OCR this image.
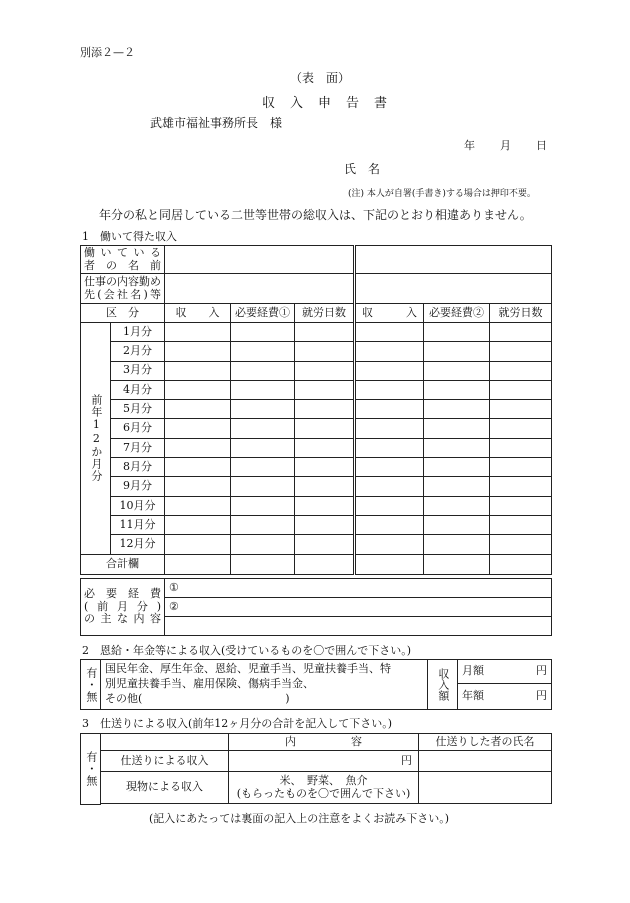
別添２—２
（表　面）
収　入　申　告　書
武雄市福祉事務所長　様
年 月 日
氏　名
(注) 本人が自署(手書き)する場合は押印不要。
年分の私と同居している二世等世帯の総収入は、下記のとおり相違ありません。
1　働いて得た収入
働いている
者の名前							

仕事の内容勤め
先(会社名)等							

区　分		収　　入	必要経費①	就労日数	収　　　入	必要経費②	就労日数

前年12か月分	1月分						
	2月分						
	3月分						
	4月分						
	5月分						
	6月分						
	7月分						
	8月分						
	9月分						
	10月分						
	11月分						
	12月分						
合計欄							
必要経費
(前月分)
の主な内容
	①
②

2　恩給・年金等による収入(受けているものを〇で囲んで下さい。)
有・無	国民年金、厚生年金、恩給、児童手当、児童扶養手当、特
別児童扶養手当、雇用保険、傷病手当金、
その他(　　　　　　　　　　　　　)	収入額	月額	円

年額	円
3　仕送りによる収入(前年12ヶ月分の合計を記入して下さい。)
有・無		内　　　　　容	仕送りした者の氏名
	仕送りによる収入	円	
	現物による収入	米、　野菜、　魚介
(もらったものを〇で囲んで下さい)	

(記入にあたっては裏面の記入上の注意をよくお読み下さい。)
